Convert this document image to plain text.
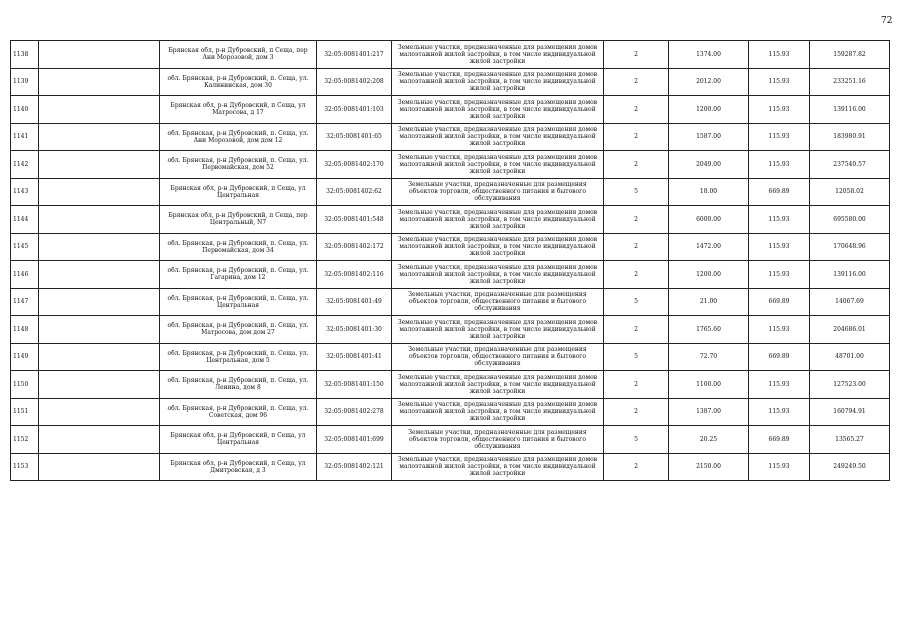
72
1138		Брянская обл, р-н Дубровский, п Сеща, пер Ани Морозовой, дом 3	32:05:0081401:217	Земельные участки, предназначенные для размещения домов малоэтажной жилой застройки, в том числе индивидуальной жилой застройки	2	1374.00	115.93	159287.82
1139		обл. Брянская, р-н Дубровский, п. Сеща, ул. Калининская, дом 30	32:05:0081402:208	Земельные участки, предназначенные для размещения домов малоэтажной жилой застройки, в том числе индивидуальной жилой застройки	2	2012.00	115.93	233251.16
1140		Брянская обл, р-н Дубровский, п Сеща, ул Матросова, д 17	32:05:0081401:103	Земельные участки, предназначенные для размещения домов малоэтажной жилой застройки, в том числе индивидуальной жилой застройки	2	1200.00	115.93	139116.00
1141		обл. Брянская, р-н Дубровский, п. Сеща, ул. Ани Морозовой, дом дом 12	32:05:0081401:65	Земельные участки, предназначенные для размещения домов малоэтажной жилой застройки, в том числе индивидуальной жилой застройки	2	1587.00	115.93	183980.91
1142		обл. Брянская, р-н Дубровский, п. Сеща, ул. Первомайская, дом 52	32:05:0081402:170	Земельные участки, предназначенные для размещения домов малоэтажной жилой застройки, в том числе индивидуальной жилой застройки	2	2049.00	115.93	237540.57
1143		Брянская обл, р-н Дубровский, п Сеща, ул Центральная	32:05:0081402:62	Земельные участки, предназначенные для размещения объектов торговли, общественного питания и бытового обслуживания	5	18.00	669.89	12058.02
1144		Брянская обл, р-н Дубровский, п Сеща, пер Центральный, N7	32:05:0081401:548	Земельные участки, предназначенные для размещения домов малоэтажной жилой застройки, в том числе индивидуальной жилой застройки	2	6000.00	115.93	695580.00
1145		обл. Брянская, р-н Дубровский, п. Сеща, ул. Первомайская, дом 34	32:05:0081402:172	Земельные участки, предназначенные для размещения домов малоэтажной жилой застройки, в том числе индивидуальной жилой застройки	2	1472.00	115.93	170648.96
1146		обл. Брянская, р-н Дубровский, п. Сеща, ул. Гагарина, дом 12	32:05:0081402:116	Земельные участки, предназначенные для размещения домов малоэтажной жилой застройки, в том числе индивидуальной жилой застройки	2	1200.00	115.93	139116.00
1147		обл. Брянская, р-н Дубровский, п. Сеща, ул. Центральная	32:05:0081401:49	Земельные участки, предназначенные для размещения объектов торговли, общественного питания и бытового обслуживания	5	21.00	669.89	14067.69
1148		обл. Брянская, р-н Дубровский, п. Сеща, ул. Матросова, дом дом 27	32:05:0081401:30	Земельные участки, предназначенные для размещения домов малоэтажной жилой застройки, в том числе индивидуальной жилой застройки	2	1765.60	115.93	204686.01
1149		обл. Брянская, р-н Дубровский, п. Сеща, ул. Центральная, дом 5	32:05:0081401:41	Земельные участки, предназначенные для размещения объектов торговли, общественного питания и бытового обслуживания	5	72.70	669.89	48701.00
1150		обл. Брянская, р-н Дубровский, п. Сеща, ул. Ленина, дом 8	32:05:0081401:150	Земельные участки, предназначенные для размещения домов малоэтажной жилой застройки, в том числе индивидуальной жилой застройки	2	1100.00	115.93	127523.00
1151		обл. Брянская, р-н Дубровский, п. Сеща, ул. Советская, дом 96	32:05:0081402:278	Земельные участки, предназначенные для размещения домов малоэтажной жилой застройки, в том числе индивидуальной жилой застройки	2	1387.00	115.93	160794.91
1152		Брянская обл, р-н Дубровский, п Сеща, ул Центральная	32:05:0081401:699	Земельные участки, предназначенные для размещения объектов торговли, общественного питания и бытового обслуживания	5	20.25	669.89	13565.27
1153		Брянская обл, р-н Дубровский, п Сеща, ул Дмитровская, д 3	32:05:0081402:121	Земельные участки, предназначенные для размещения домов малоэтажной жилой застройки, в том числе индивидуальной жилой застройки	2	2150.00	115.93	249249.50
